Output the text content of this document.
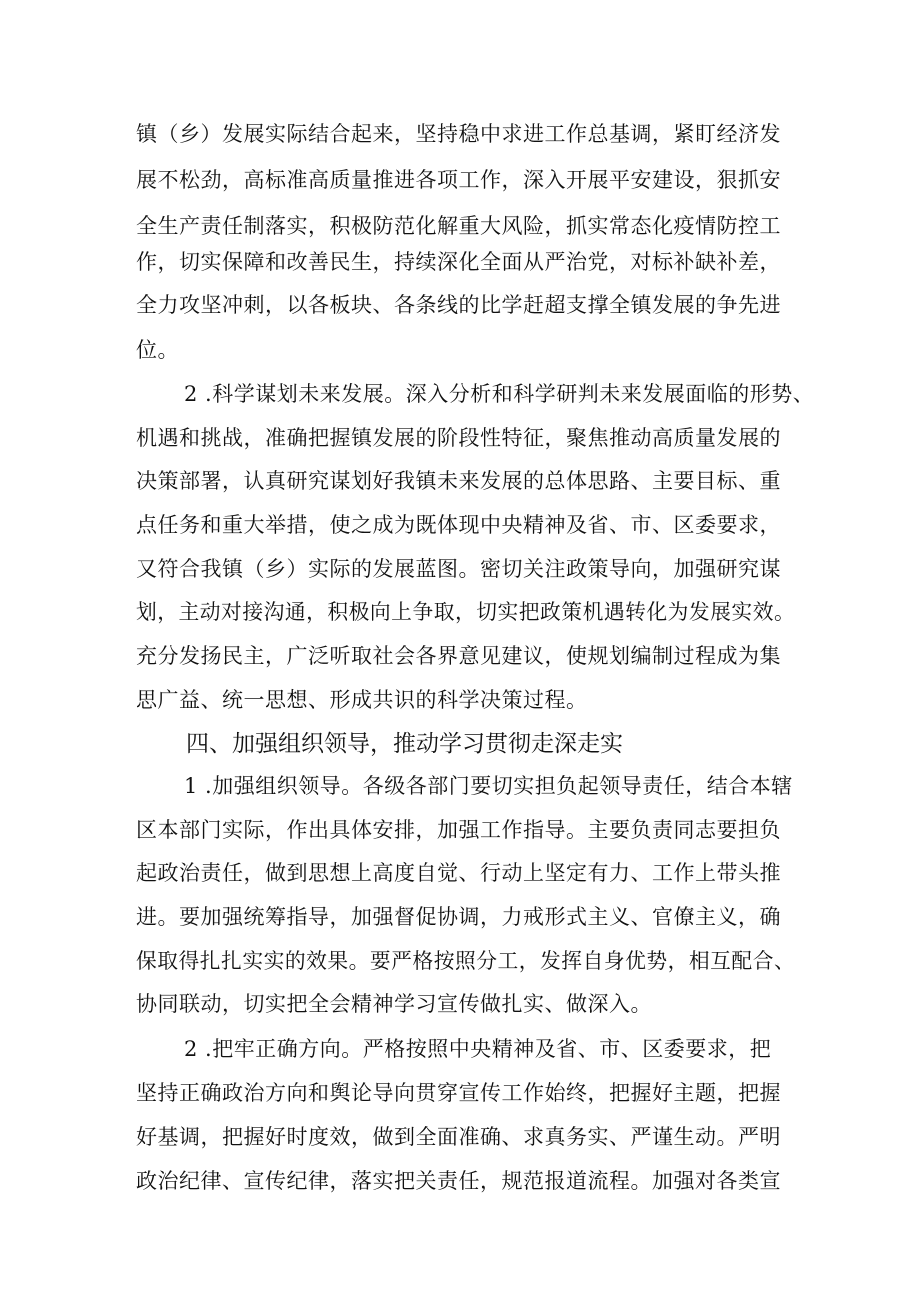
镇（乡）发展实际结合起来，坚持稳中求进工作总基调，紧盯经济发
展不松劲，高标准高质量推进各项工作，深入开展平安建设，狠抓安
全生产责任制落实，积极防范化解重大风险，抓实常态化疫情防控工
作，切实保障和改善民生，持续深化全面从严治党，对标补缺补差，
全力攻坚冲刺，以各板块、各条线的比学赶超支撑全镇发展的争先进
位。
2 .科学谋划未来发展。深入分析和科学研判未来发展面临的形势、
机遇和挑战，准确把握镇发展的阶段性特征，聚焦推动高质量发展的
决策部署，认真研究谋划好我镇未来发展的总体思路、主要目标、重
点任务和重大举措，使之成为既体现中央精神及省、市、区委要求，
又符合我镇（乡）实际的发展蓝图。密切关注政策导向，加强研究谋
划，主动对接沟通，积极向上争取，切实把政策机遇转化为发展实效。
充分发扬民主，广泛听取社会各界意见建议，使规划编制过程成为集
思广益、统一思想、形成共识的科学决策过程。
四、加强组织领导，推动学习贯彻走深走实
1 .加强组织领导。各级各部门要切实担负起领导责任，结合本辖
区本部门实际，作出具体安排，加强工作指导。主要负责同志要担负
起政治责任，做到思想上高度自觉、行动上坚定有力、工作上带头推
进。要加强统筹指导，加强督促协调，力戒形式主义、官僚主义，确
保取得扎扎实实的效果。要严格按照分工，发挥自身优势，相互配合、
协同联动，切实把全会精神学习宣传做扎实、做深入。
2 .把牢正确方向。严格按照中央精神及省、市、区委要求，把
坚持正确政治方向和舆论导向贯穿宣传工作始终，把握好主题，把握
好基调，把握好时度效，做到全面准确、求真务实、严谨生动。严明
政治纪律、宣传纪律，落实把关责任，规范报道流程。加强对各类宣
